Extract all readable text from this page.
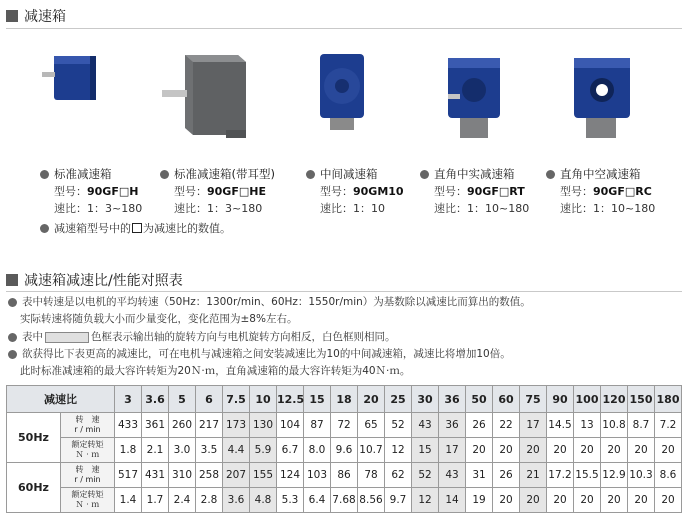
减速箱
标准减速箱
型号：90GF□H
速比：1：3~180
标准减速箱(带耳型)
型号：90GF□HE
速比：1：3~180
中间减速箱
型号：90GM10
速比：1：10
直角中实减速箱
型号：90GF□RT
速比：1：10~180
直角中空减速箱
型号：90GF□RC
速比：1：10~180
减速箱型号中的 为减速比的数值。
减速箱减速比/性能对照表
表中转速是以电机的平均转速（50Hz：1300r/min、60Hz：1550r/min）为基数除以减速比而算出的数值。
实际转速将随负载大小而少量变化，变化范围为±8%左右。
表中	色框表示输出轴的旋转方向与电机旋转方向相反，白色框则相同。
欲获得比下表更高的减速比，可在电机与减速箱之间安装减速比为10的中间减速箱，减速比将增加10倍。
此时标准减速箱的最大容许转矩为20Ｎ·ｍ，直角减速箱的最大容许转矩为40Ｎ·ｍ。
减速比		3	3.6	5	6	7.5	10	12.5	15	18	20	25	30	36	50	60	75	90	100	120	150	180
50Hz	转　速
r / min	433	361	260	217	173	130	104	87	72	65	52	43	36	26	22	17	14.5	13	10.8	8.7	7.2
	额定转矩
Ｎ · ｍ	1.8	2.1	3.0	3.5	4.4	5.9	6.7	8.0	9.6	10.7	12	15	17	20	20	20	20	20	20	20	20
60Hz	转　速
r / min	517	431	310	258	207	155	124	103	86	78	62	52	43	31	26	21	17.2	15.5	12.9	10.3	8.6
	额定转矩
Ｎ · ｍ	1.4	1.7	2.4	2.8	3.6	4.8	5.3	6.4	7.68	8.56	9.7	12	14	19	20	20	20	20	20	20	20
